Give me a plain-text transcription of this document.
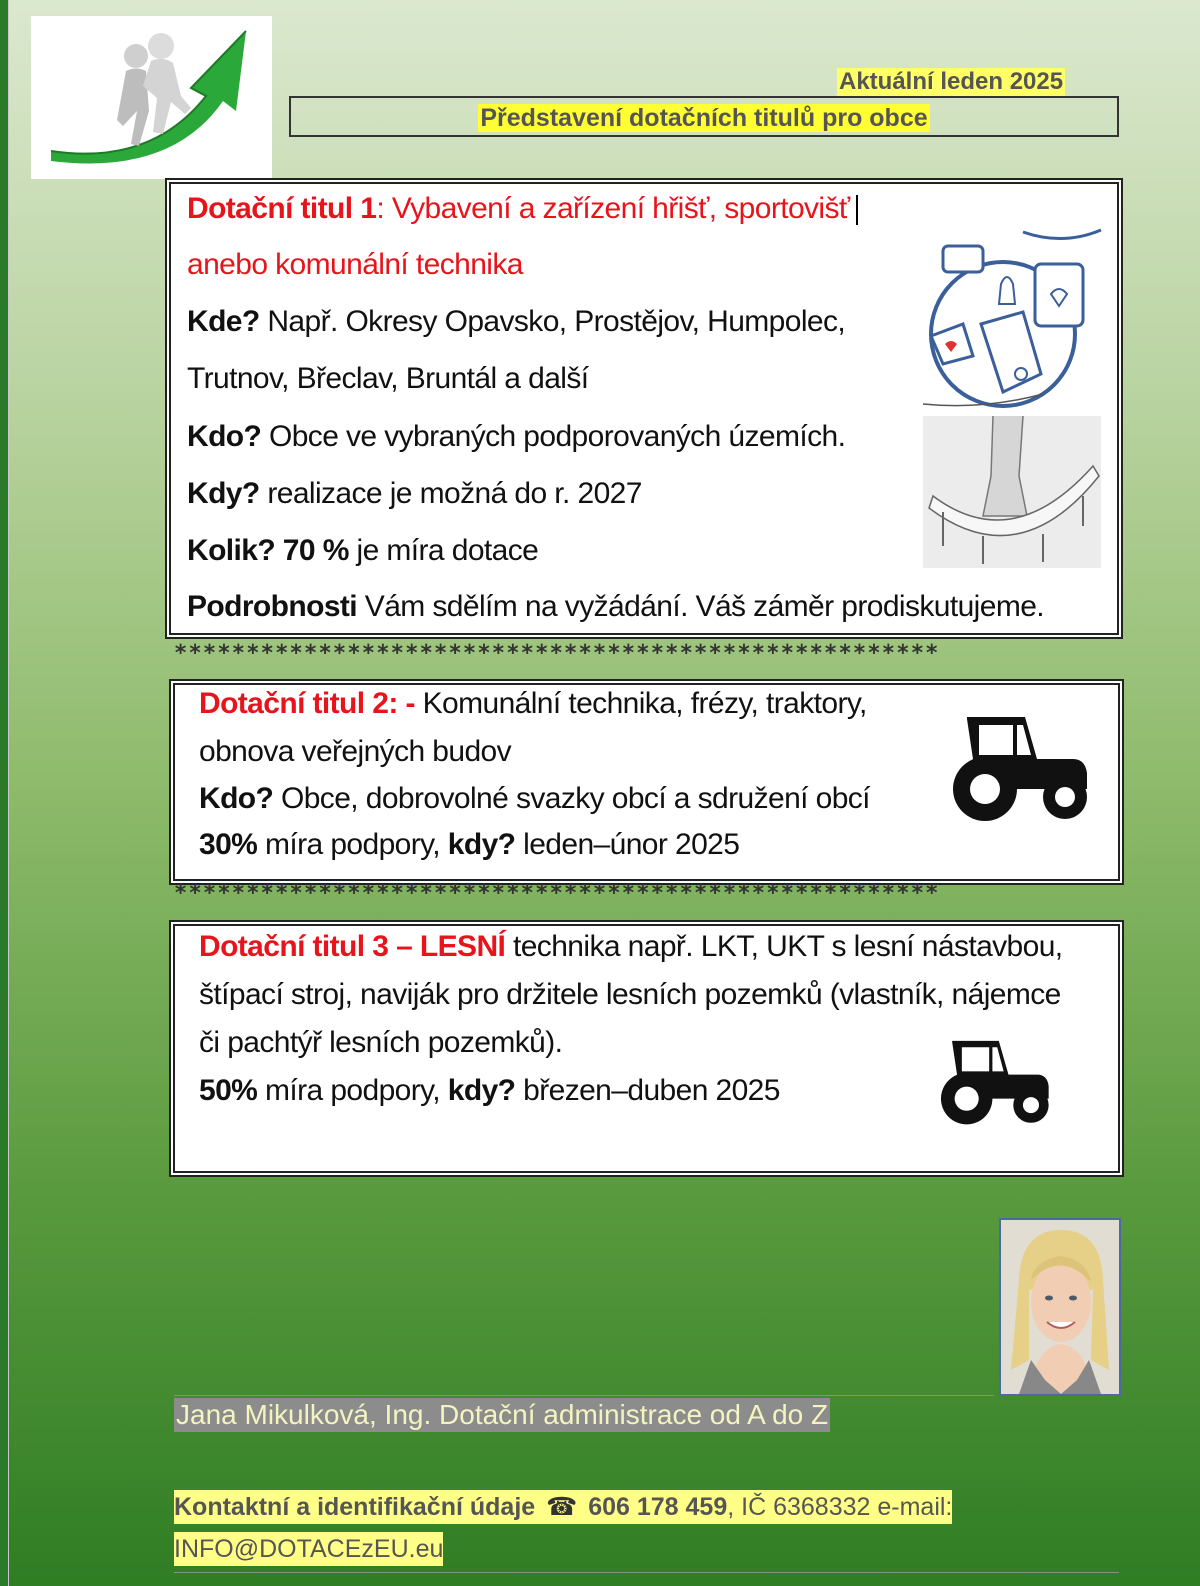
Aktuální leden 2025
Představení dotačních titulů pro obce
Dotační titul 1: Vybavení a zařízení hřišť, sportovišť
anebo komunální technika
Kde? Např. Okresy Opavsko, Prostějov, Humpolec,
Trutnov, Břeclav, Bruntál a další
Kdo? Obce ve vybraných podporovaných územích.
Kdy? realizace je možná do r. 2027
Kolik? 70 % je míra dotace
Podrobnosti Vám sdělím na vyžádání. Váš záměr prodiskutujeme.
*****************************************************
Dotační titul 2: - Komunální technika, frézy, traktory,
obnova veřejných budov
Kdo? Obce, dobrovolné svazky obcí a sdružení obcí
30% míra podpory, kdy? leden–únor 2025
*****************************************************
Dotační titul 3 – LESNÍ technika např. LKT, UKT s lesní nástavbou,
štípací stroj, naviják pro držitele lesních pozemků (vlastník, nájemce
či pachtýř lesních pozemků).
50% míra podpory, kdy? březen–duben 2025
Jana Mikulková, Ing. Dotační administrace od A do Z
Kontaktní a identifikační údaje ☎ 606 178 459, IČ 6368332 e-mail:
INFO@DOTACEzEU.eu
